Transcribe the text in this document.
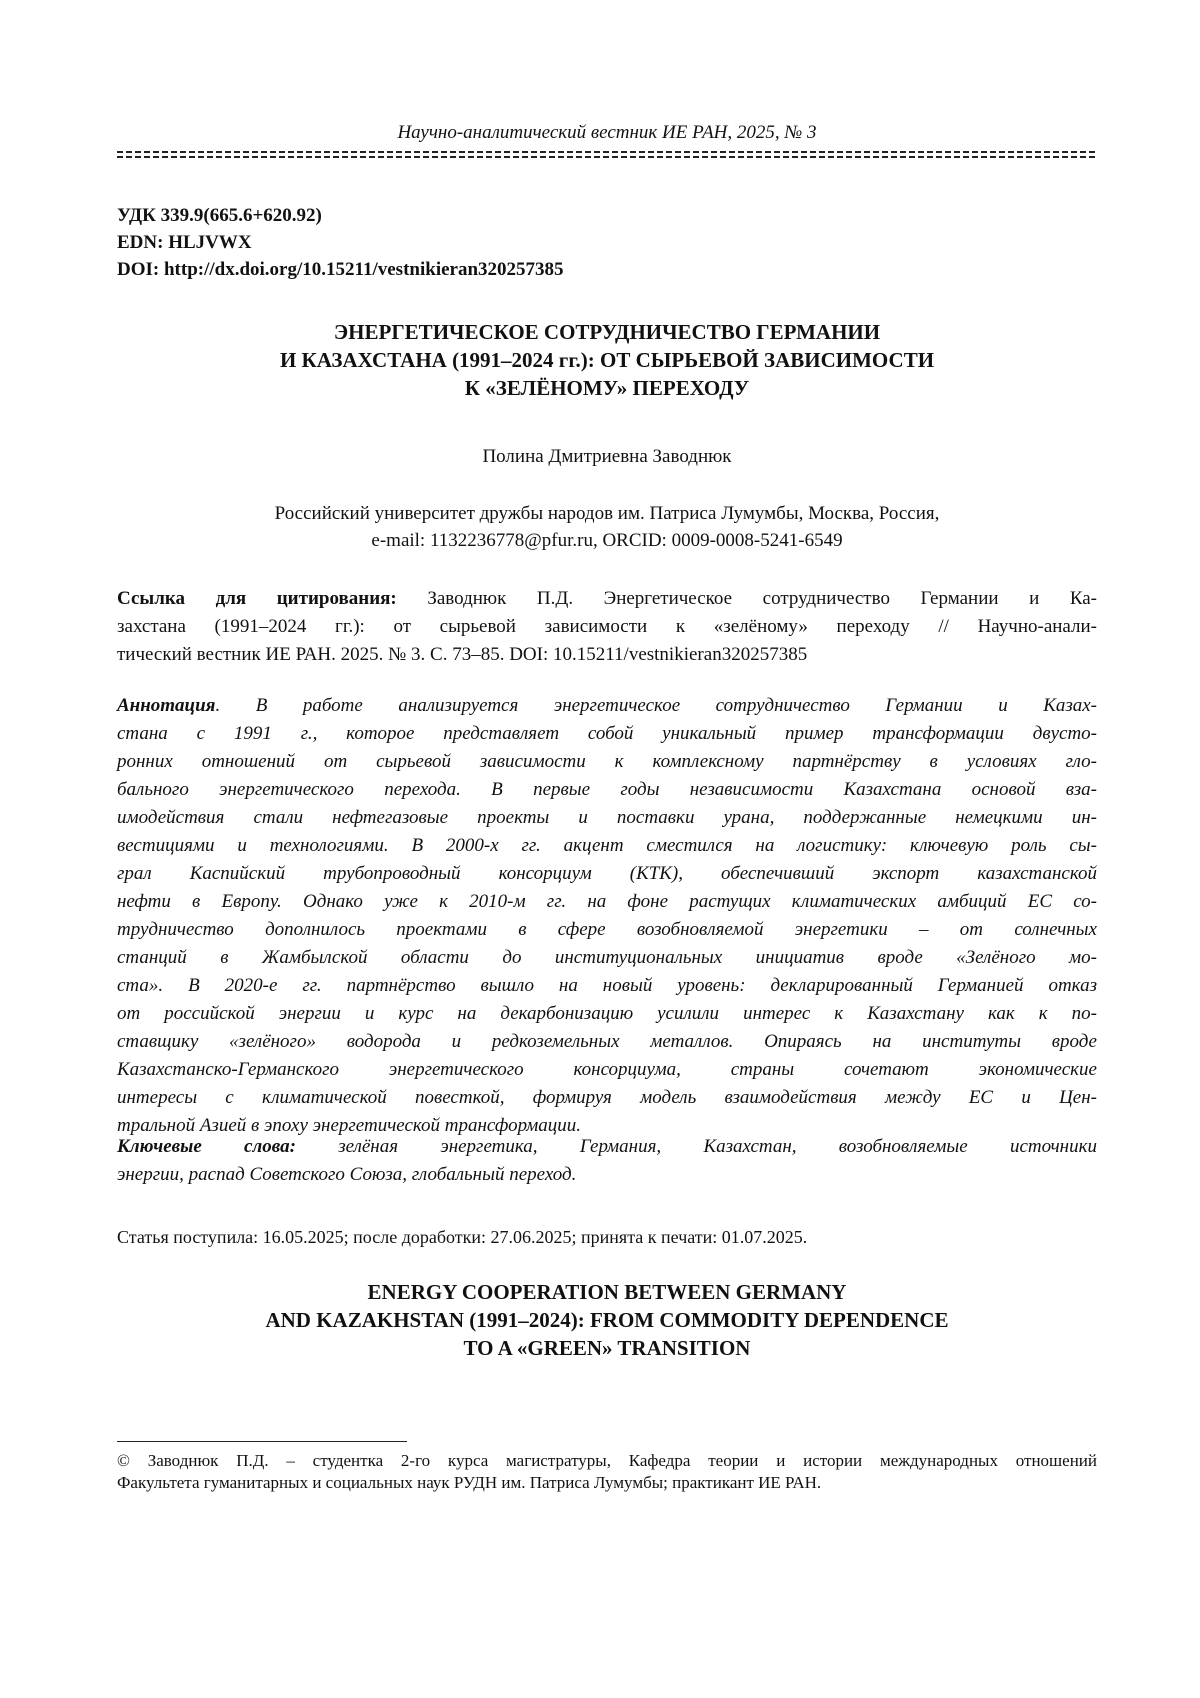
Научно-аналитический вестник ИЕ РАН, 2025, № 3
УДК 339.9(665.6+620.92)
EDN: HLJVWX
DOI: http://dx.doi.org/10.15211/vestnikieran320257385
ЭНЕРГЕТИЧЕСКОЕ СОТРУДНИЧЕСТВО ГЕРМАНИИ
И КАЗАХСТАНА (1991–2024 гг.): ОТ СЫРЬЕВОЙ ЗАВИСИМОСТИ
К «ЗЕЛЁНОМУ» ПЕРЕХОДУ
Полина Дмитриевна Заводнюк
Российский университет дружбы народов им. Патриса Лумумбы, Москва, Россия,
e-mail: 1132236778@pfur.ru, ORCID: 0009-0008-5241-6549
Ссылка для цитирования: Заводнюк П.Д. Энергетическое сотрудничество Германии и Ка-
захстана (1991–2024 гг.): от сырьевой зависимости к «зелёному» переходу // Научно-анали-
тический вестник ИЕ РАН. 2025. № 3. С. 73–85. DOI: 10.15211/vestnikieran320257385
Аннотация. В работе анализируется энергетическое сотрудничество Германии и Казах-
стана с 1991 г., которое представляет собой уникальный пример трансформации двусто-
ронних отношений от сырьевой зависимости к комплексному партнёрству в условиях гло-
бального энергетического перехода. В первые годы независимости Казахстана основой вза-
имодействия стали нефтегазовые проекты и поставки урана, поддержанные немецкими ин-
вестициями и технологиями. В 2000-х гг. акцент сместился на логистику: ключевую роль сы-
грал Каспийский трубопроводный консорциум (КТК), обеспечивший экспорт казахстанской
нефти в Европу. Однако уже к 2010-м гг. на фоне растущих климатических амбиций ЕС со-
трудничество дополнилось проектами в сфере возобновляемой энергетики – от солнечных
станций в Жамбылской области до институциональных инициатив вроде «Зелёного мо-
ста». В 2020-е гг. партнёрство вышло на новый уровень: декларированный Германией отказ
от российской энергии и курс на декарбонизацию усилили интерес к Казахстану как к по-
ставщику «зелёного» водорода и редкоземельных металлов. Опираясь на институты вроде
Казахстанско-Германского энергетического консорциума, страны сочетают экономические
интересы с климатической повесткой, формируя модель взаимодействия между ЕС и Цен-
тральной Азией в эпоху энергетической трансформации.
Ключевые слова: зелёная энергетика, Германия, Казахстан, возобновляемые источники
энергии, распад Советского Союза, глобальный переход.
Статья поступила: 16.05.2025; после доработки: 27.06.2025; принята к печати: 01.07.2025.
ENERGY COOPERATION BETWEEN GERMANY
AND KAZAKHSTAN (1991–2024): FROM COMMODITY DEPENDENCE
TO A «GREEN» TRANSITION
© Заводнюк П.Д. – студентка 2-го курса магистратуры, Кафедра теории и истории международных отношений
Факультета гуманитарных и социальных наук РУДН им. Патриса Лумумбы; практикант ИЕ РАН.
